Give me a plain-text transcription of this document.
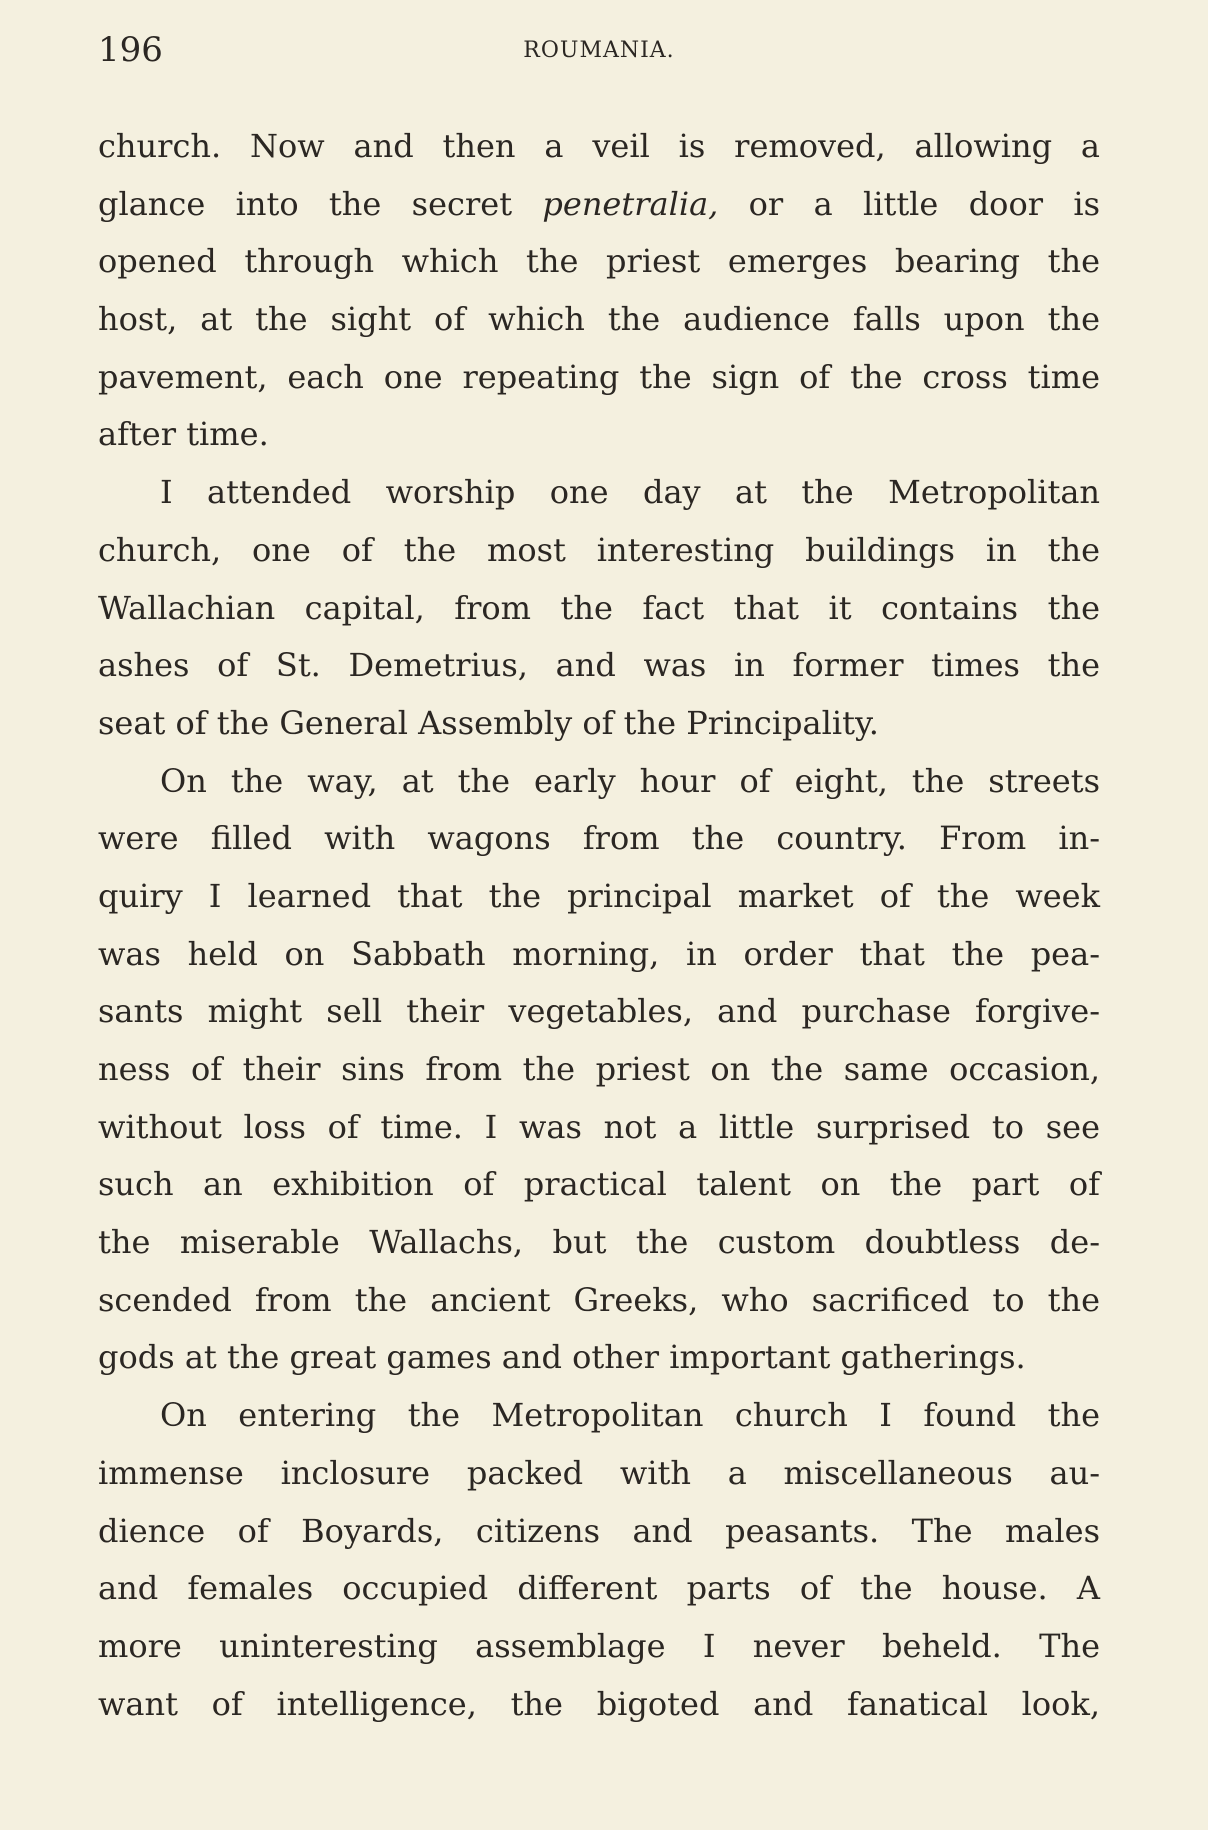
196	ROUMANIA.
church. Now and then a veil is removed, allowing a
glance into the secret penetralia, or a little door is
opened through which the priest emerges bearing the
host, at the sight of which the audience falls upon the
pavement, each one repeating the sign of the cross time
after time.
I attended worship one day at the Metropolitan
church, one of the most interesting buildings in the
Wallachian capital, from the fact that it contains the
ashes of St. Demetrius, and was in former times the
seat of the General Assembly of the Principality.
On the way, at the early hour of eight, the streets
were filled with wagons from the country. From in-
quiry I learned that the principal market of the week
was held on Sabbath morning, in order that the pea-
sants might sell their vegetables, and purchase forgive-
ness of their sins from the priest on the same occasion,
without loss of time. I was not a little surprised to see
such an exhibition of practical talent on the part of
the miserable Wallachs, but the custom doubtless de-
scended from the ancient Greeks, who sacrificed to the
gods at the great games and other important gatherings.
On entering the Metropolitan church I found the
immense inclosure packed with a miscellaneous au-
dience of Boyards, citizens and peasants. The males
and females occupied different parts of the house. A
more uninteresting assemblage I never beheld. The
want of intelligence, the bigoted and fanatical look,
